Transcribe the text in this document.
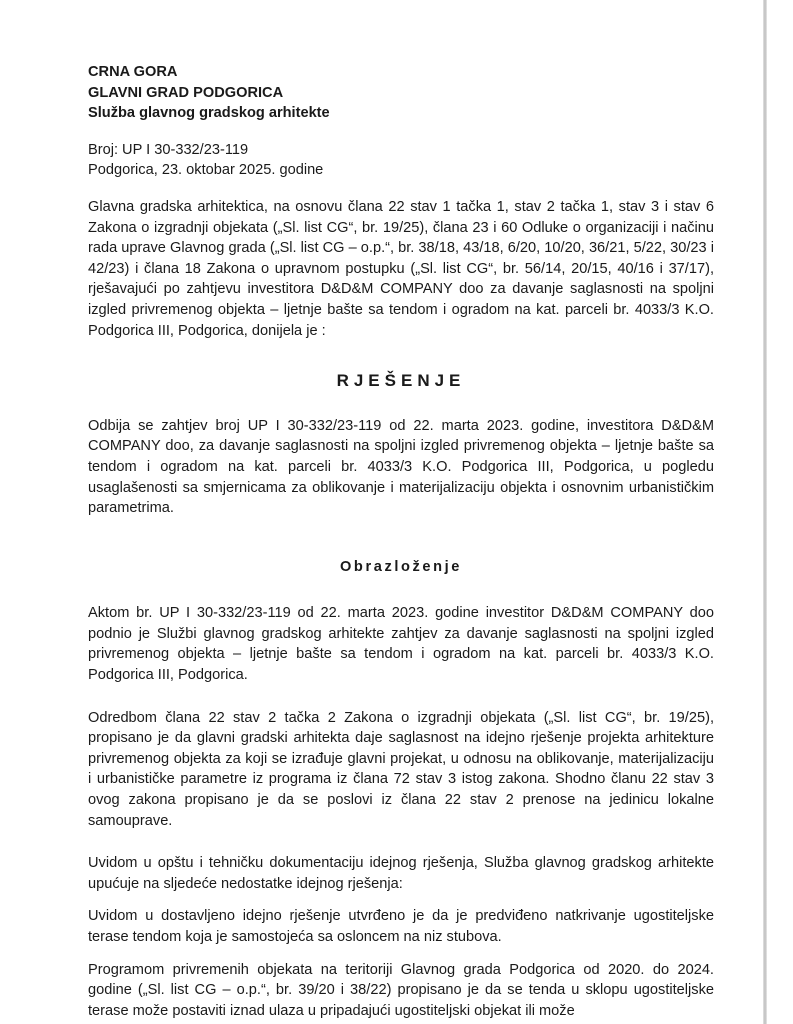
CRNA GORA
GLAVNI GRAD PODGORICA
Služba glavnog gradskog arhitekte
Broj: UP I 30-332/23-119
Podgorica, 23. oktobar 2025. godine

Glavna gradska arhitektica, na osnovu člana 22 stav 1 tačka 1, stav 2 tačka 1, stav 3 i stav 6 Zakona o izgradnji objekata („Sl. list CG“, br. 19/25), člana 23 i 60 Odluke o organizaciji i načinu rada uprave Glavnog grada („Sl. list CG – o.p.“, br. 38/18, 43/18, 6/20, 10/20, 36/21, 5/22, 30/23 i 42/23) i člana 18 Zakona o upravnom postupku („Sl. list CG“, br. 56/14, 20/15, 40/16 i 37/17), rješavajući po zahtjevu investitora D&D&M COMPANY doo za davanje saglasnosti na spoljni izgled privremenog objekta – ljetnje bašte sa tendom i ogradom na kat. parceli br. 4033/3 K.O. Podgorica III, Podgorica, donijela je :

RJEŠENJE

Odbija se zahtjev broj UP I 30-332/23-119 od 22. marta 2023. godine, investitora D&D&M COMPANY doo, za davanje saglasnosti na spoljni izgled privremenog objekta – ljetnje bašte sa tendom i ogradom na kat. parceli br. 4033/3 K.O. Podgorica III, Podgorica, u pogledu usaglašenosti sa smjernicama za oblikovanje i materijalizaciju objekta i osnovnim urbanističkim parametrima.

Obrazloženje

Aktom br. UP I 30-332/23-119 od 22. marta 2023. godine investitor D&D&M COMPANY doo podnio je Službi glavnog gradskog arhitekte zahtjev za davanje saglasnosti na spoljni izgled privremenog objekta – ljetnje bašte sa tendom i ogradom na kat. parceli br. 4033/3 K.O. Podgorica III, Podgorica.

Odredbom člana 22 stav 2 tačka 2 Zakona o izgradnji objekata („Sl. list CG“, br. 19/25), propisano je da glavni gradski arhitekta daje saglasnost na idejno rješenje projekta arhitekture privremenog objekta za koji se izrađuje glavni projekat, u odnosu na oblikovanje, materijalizaciju i urbanističke parametre iz programa iz člana 72 stav 3 istog zakona. Shodno članu 22 stav 3 ovog zakona propisano je da se poslovi iz člana 22 stav 2 prenose na jedinicu lokalne samouprave.

Uvidom u opštu i tehničku dokumentaciju idejnog rješenja, Služba glavnog gradskog arhitekte upućuje na sljedeće nedostatke idejnog rješenja:

Uvidom u dostavljeno idejno rješenje utvrđeno je da je predviđeno natkrivanje ugostiteljske terase tendom koja je samostojeća sa osloncem na niz stubova.

Programom privremenih objekata na teritoriji Glavnog grada Podgorica od 2020. do 2024. godine („Sl. list CG – o.p.“, br. 39/20 i 38/22) propisano je da se tenda u sklopu ugostiteljske terase može postaviti iznad ulaza u pripadajući ugostiteljski objekat ili može
